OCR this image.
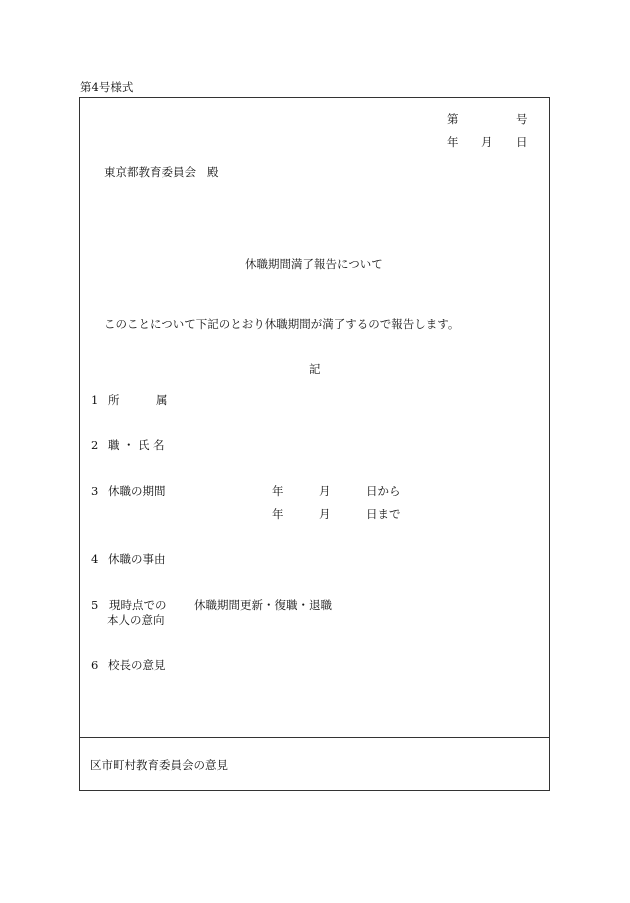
第4号様式
第	号
年 月 日
東京都教育委員会 殿
休職期間満了報告について
このことについて下記のとおり休職期間が満了するので報告します。
記
1 所	属
2 職・氏名
3 休職の期間	年	月	日から
年	月	日まで
4 休職の事由
5 現時点での
本人の意向
休職期間更新・復職・退職
6 校長の意見
区市町村教育委員会の意見
